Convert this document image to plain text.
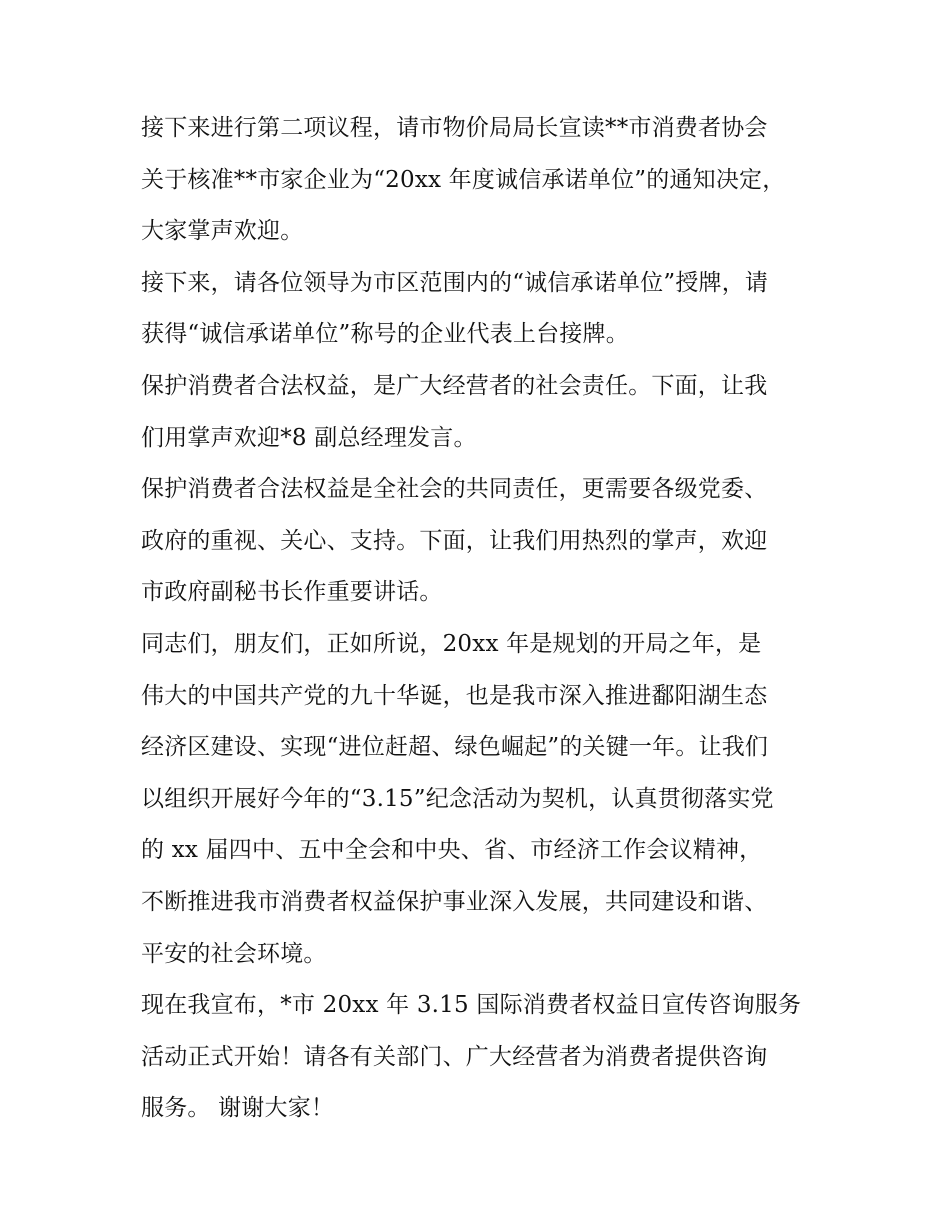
接下来进行第二项议程，请市物价局局长宣读**市消费者协会
关于核准**市家企业为“20xx 年度诚信承诺单位”的通知决定，
大家掌声欢迎。
接下来，请各位领导为市区范围内的“诚信承诺单位”授牌，请
获得“诚信承诺单位”称号的企业代表上台接牌。
保护消费者合法权益，是广大经营者的社会责任。下面，让我
们用掌声欢迎*8 副总经理发言。
保护消费者合法权益是全社会的共同责任，更需要各级党委、
政府的重视、关心、支持。下面，让我们用热烈的掌声，欢迎
市政府副秘书长作重要讲话。
同志们，朋友们，正如所说，20xx 年是规划的开局之年，是
伟大的中国共产党的九十华诞，也是我市深入推进鄱阳湖生态
经济区建设、实现“进位赶超、绿色崛起”的关键一年。让我们
以组织开展好今年的“3.15”纪念活动为契机，认真贯彻落实党
的 xx 届四中、五中全会和中央、省、市经济工作会议精神，
不断推进我市消费者权益保护事业深入发展，共同建设和谐、
平安的社会环境。
现在我宣布，*市 20xx 年 3.15 国际消费者权益日宣传咨询服务
活动正式开始！请各有关部门、广大经营者为消费者提供咨询
服务。 谢谢大家！
